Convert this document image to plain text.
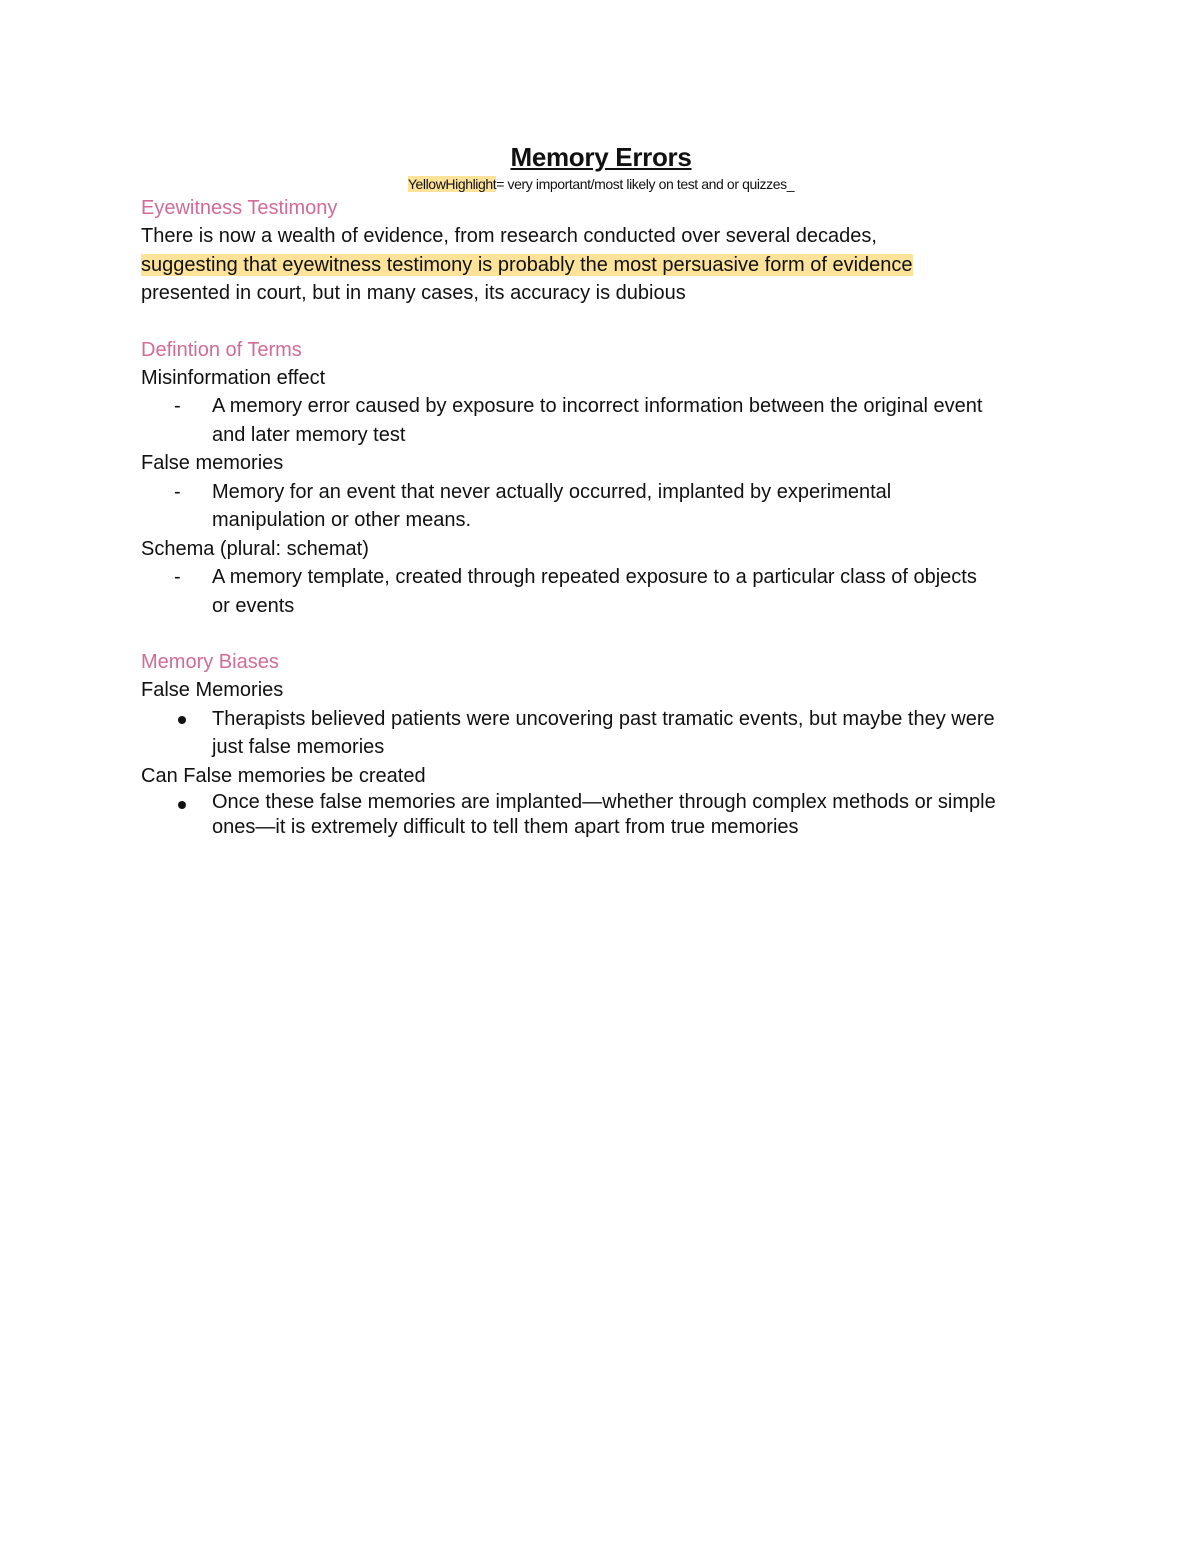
Memory Errors

YellowHighlight= very important/most likely on test and or quizzes_

Eyewitness Testimony

There is now a wealth of evidence, from research conducted over several decades,

suggesting that eyewitness testimony is probably the most persuasive form of evidence

presented in court, but in many cases, its accuracy is dubious

Defintion of Terms

Misinformation effect

- A memory error caused by exposure to incorrect information between the original event
and later memory test

False memories

- Memory for an event that never actually occurred, implanted by experimental
manipulation or other means.

Schema (plural: schemat)

- A memory template, created through repeated exposure to a particular class of objects
or events

Memory Biases

False Memories

Therapists believed patients were uncovering past tramatic events, but maybe they were
just false memories

Can False memories be created

Once these false memories are implanted—whether through complex methods or simple
ones—it is extremely difficult to tell them apart from true memories
